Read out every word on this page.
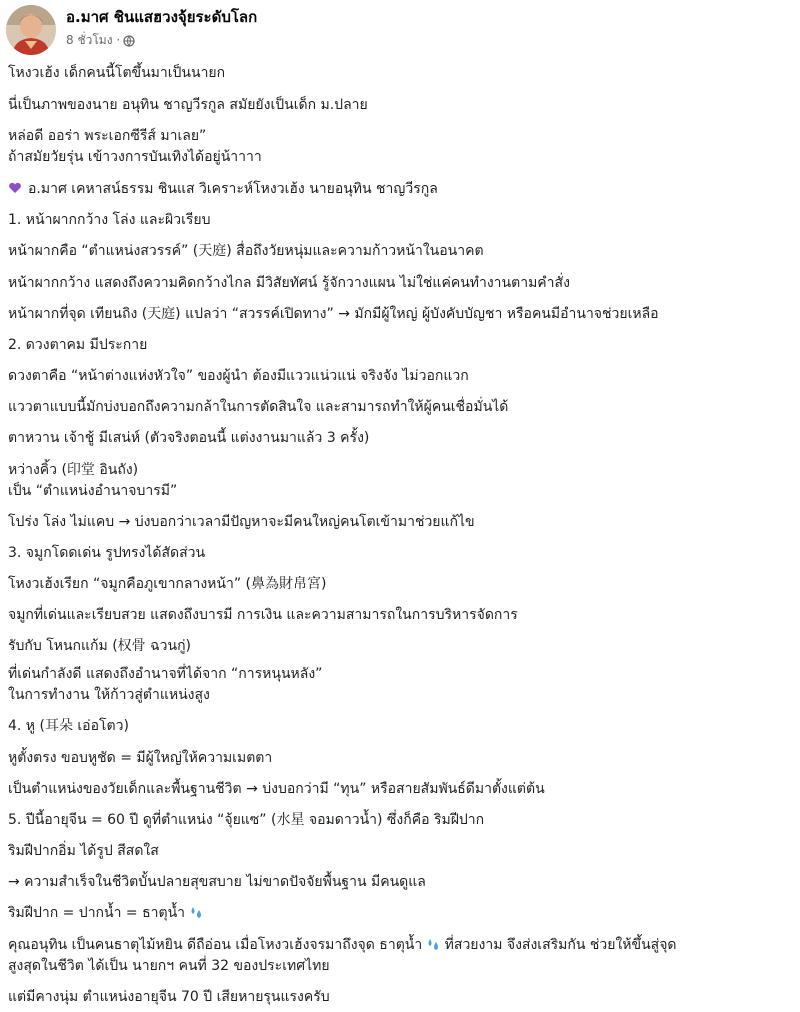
อ.มาศ ชินแสฮวงจุ้ยระดับโลก
8 ชั่วโมง ·
โหงวเฮ้ง เด็กคนนี้โตขึ้นมาเป็นนายก
นี่เป็นภาพของนาย อนุทิน ชาญวีรกูล สมัยยังเป็นเด็ก ม.ปลาย
หล่อดี ออร่า พระเอกซีรีส์ มาเลย”
ถ้าสมัยวัยรุ่น เข้าวงการบันเทิงได้อยู่น้าาาา
อ.มาศ เคหาสน์ธรรม ชินแส วิเคราะห์โหงวเฮ้ง นายอนุทิน ชาญวีรกูล
1. หน้าผากกว้าง โล่ง และผิวเรียบ
หน้าผากคือ “ตำแหน่งสวรรค์” (天庭) สื่อถึงวัยหนุ่มและความก้าวหน้าในอนาคต
หน้าผากกว้าง แสดงถึงความคิดกว้างไกล มีวิสัยทัศน์ รู้จักวางแผน ไม่ใช่แค่คนทำงานตามคำสั่ง
หน้าผากที่จุด เทียนถิง (天庭) แปลว่า “สวรรค์เปิดทาง” → มักมีผู้ใหญ่ ผู้บังคับบัญชา หรือคนมีอำนาจช่วยเหลือ
2. ดวงตาคม มีประกาย
ดวงตาคือ “หน้าต่างแห่งหัวใจ” ของผู้นำ ต้องมีแววแน่วแน่ จริงจัง ไม่วอกแวก
แววตาแบบนี้มักบ่งบอกถึงความกล้าในการตัดสินใจ และสามารถทำให้ผู้คนเชื่อมั่นได้
ตาหวาน เจ้าชู้ มีเสน่ห์ (ตัวจริงตอนนี้ แต่งงานมาแล้ว 3 ครั้ง)
หว่างคิ้ว (印堂 อินถัง)
เป็น “ตำแหน่งอำนาจบารมี”
โปร่ง โล่ง ไม่แคบ → บ่งบอกว่าเวลามีปัญหาจะมีคนใหญ่คนโตเข้ามาช่วยแก้ไข
3. จมูกโดดเด่น รูปทรงได้สัดส่วน
โหงวเฮ้งเรียก “จมูกคือภูเขากลางหน้า” (鼻為財帛宮)
จมูกที่เด่นและเรียบสวย แสดงถึงบารมี การเงิน และความสามารถในการบริหารจัดการ
รับกับ โหนกแก้ม (权骨 ฉวนกู่)
ที่เด่นกำลังดี แสดงถึงอำนาจที่ได้จาก “การหนุนหลัง”
ในการทำงาน ให้ก้าวสู่ตำแหน่งสูง
4. หู (耳朵 เอ่อโตว)
หูตั้งตรง ขอบหูชัด = มีผู้ใหญ่ให้ความเมตตา
เป็นตำแหน่งของวัยเด็กและพื้นฐานชีวิต → บ่งบอกว่ามี “ทุน” หรือสายสัมพันธ์ดีมาตั้งแต่ต้น
5. ปีนี้อายุจีน = 60 ปี ดูที่ตำแหน่ง “จุ้ยแซ” (水星 จอมดาวน้ำ) ซึ่งก็คือ ริมฝีปาก
ริมฝีปากอิ่ม ได้รูป สีสดใส
→ ความสำเร็จในชีวิตบั้นปลายสุขสบาย ไม่ขาดปัจจัยพื้นฐาน มีคนดูแล
ริมฝีปาก = ปากน้ำ = ธาตุน้ำ
คุณอนุทิน เป็นคนธาตุไม้หยิน ดีถือ่อน เมื่อโหงวเฮ้งจรมาถึงจุด ธาตุน้ำ ที่สวยงาม จึงส่งเสริมกัน ช่วยให้ขึ้นสู่จุด
สูงสุดในชีวิต ได้เป็น นายกฯ คนที่ 32 ของประเทศไทย
แต่มีคางนุ่ม ตำแหน่งอายุจีน 70 ปี เสียหายรุนแรงครับ
